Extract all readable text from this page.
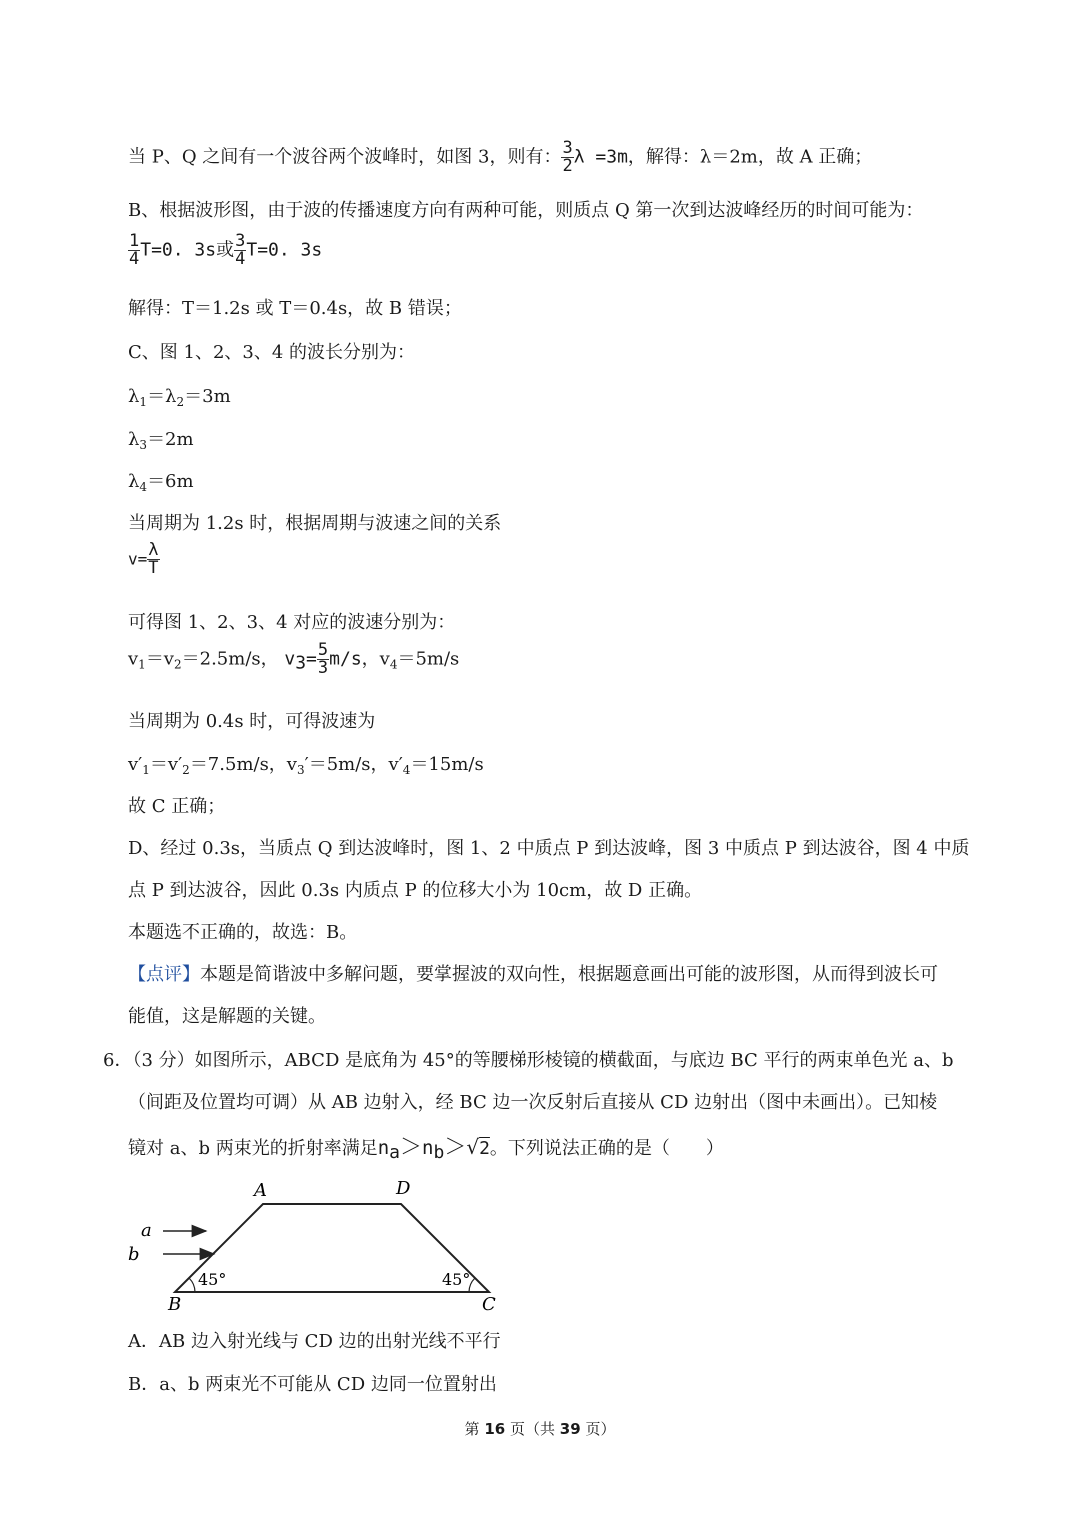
当 P、Q 之间有一个波谷两个波峰时，如图 3，则有： $\frac{3}{2}$ λ =3m，解得：λ＝2m，故 A 正确；
B、根据波形图，由于波的传播速度方向有两种可能，则质点 Q 第一次到达波峰经历的时间可能为：
$\frac{1}{4} T=0$. 3s或 $\frac{3}{4} T=0$. 3s
解得：T＝1.2s 或 T＝0.4s，故 B 错误；
C、图 1、2、3、4 的波长分别为：
$\lambda_1=\lambda_2=3m$
$\lambda_3=2m$
$\lambda_4=6m$
当周期为 1.2s 时，根据周期与波速之间的关系
$v= \frac{\lambda}{T}$
可得图 1、2、3、4 对应的波速分别为：
$v_1=v_2=2.5m/s$， $v_3= \frac{5}{3} m/s$，$v_4=5m/s$
当周期为 0.4s 时，可得波速为
$v'_1=v'_2=7.5m/s$，$v_3'=5m/s$，$v'_4=15m/s$
故 C 正确；
D、经过 0.3s，当质点 Q 到达波峰时，图 1、2 中质点 P 到达波峰，图 3 中质点 P 到达波谷，图 4 中质
点 P 到达波谷，因此 0.3s 内质点 P 的位移大小为 10cm，故 D 正确。
本题选不正确的，故选：B。
【点评】本题是简谐波中多解问题，要掌握波的双向性，根据题意画出可能的波形图，从而得到波长可
能值，这是解题的关键。
6．（3 分）如图所示，ABCD 是底角为 45°的等腰梯形棱镜的横截面，与底边 BC 平行的两束单色光 a、b
（间距及位置均可调）从 AB 边射入，经 BC 边一次反射后直接从 CD 边射出（图中未画出）。已知棱
镜对 a、b 两束光的折射率满足$n_a>n_b>√2$。下列说法正确的是（　　）
A	D
B	C
a
b
45°	45°
A．AB 边入射光线与 CD 边的出射光线不平行
B．a、b 两束光不可能从 CD 边同一位置射出
第 16 页（共 39 页）
